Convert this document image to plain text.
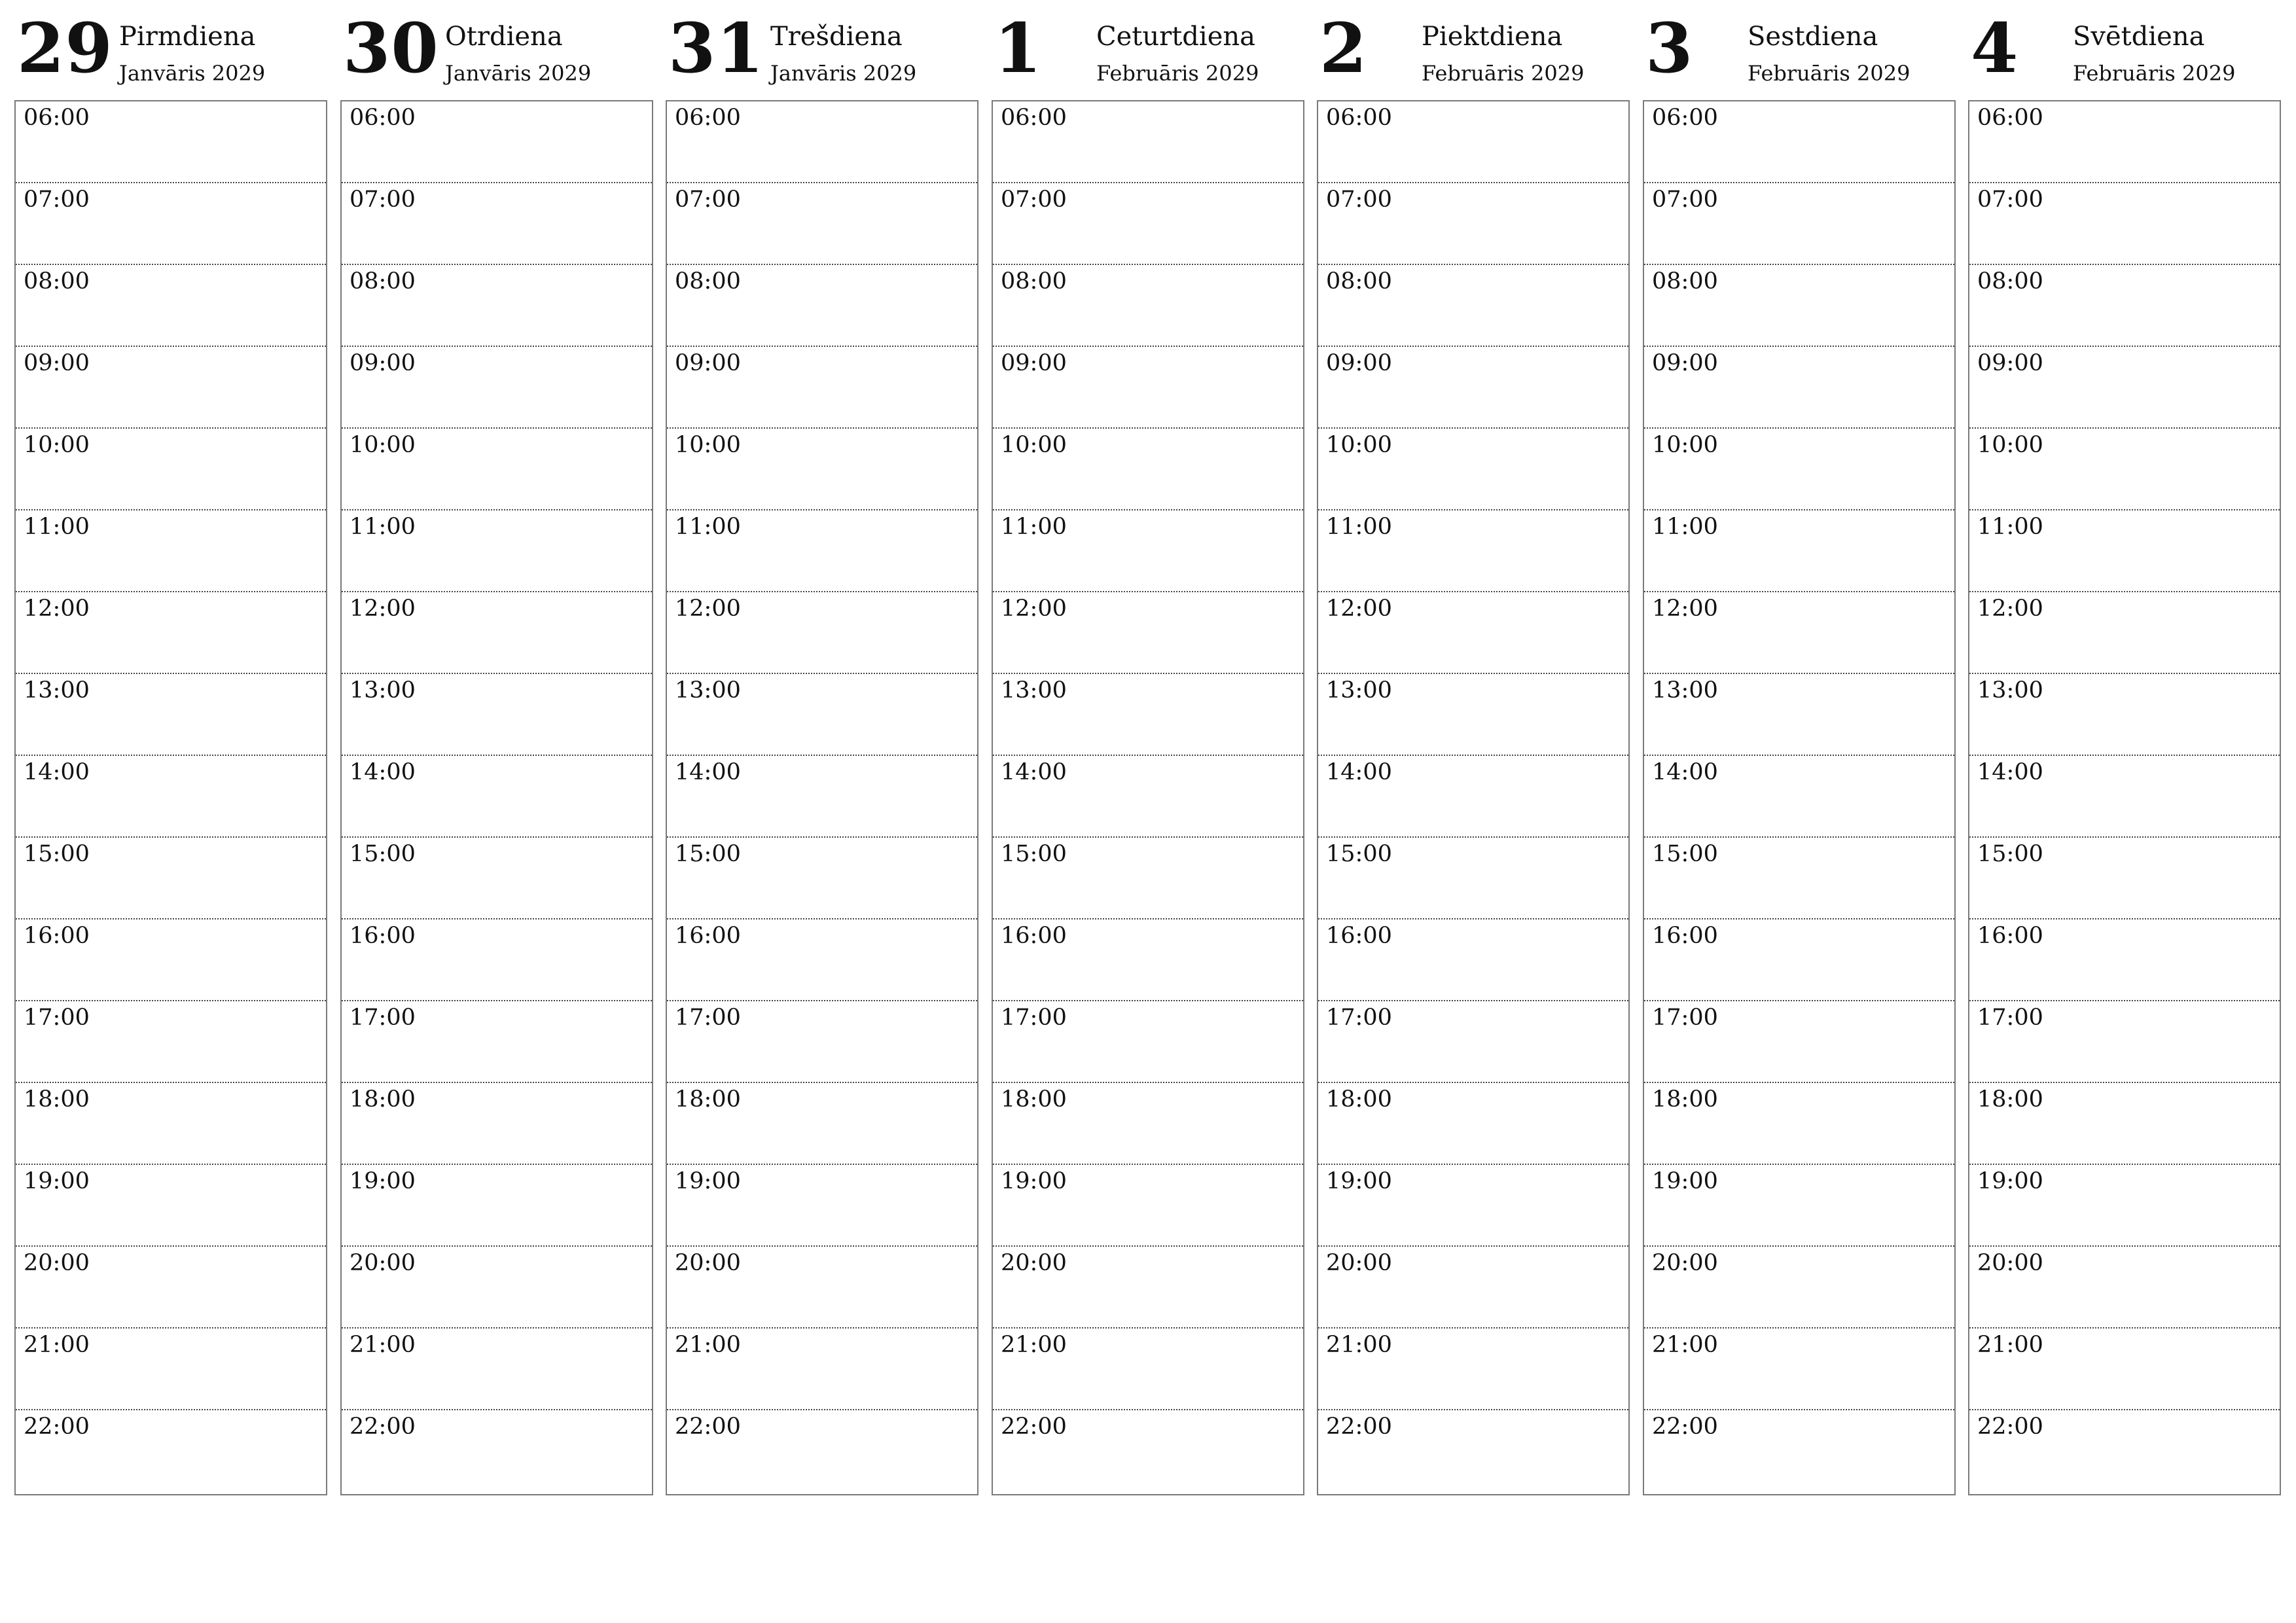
29 Pirmdiena
Janvāris 2029
06:00
07:00
08:00
09:00
10:00
11:00
12:00
13:00
14:00
15:00
16:00
17:00
18:00
19:00
20:00
21:00
22:00
30 Otrdiena
Janvāris 2029
06:00
07:00
08:00
09:00
10:00
11:00
12:00
13:00
14:00
15:00
16:00
17:00
18:00
19:00
20:00
21:00
22:00
31 Trešdiena
Janvāris 2029
06:00
07:00
08:00
09:00
10:00
11:00
12:00
13:00
14:00
15:00
16:00
17:00
18:00
19:00
20:00
21:00
22:00
1 Ceturtdiena
Februāris 2029
06:00
07:00
08:00
09:00
10:00
11:00
12:00
13:00
14:00
15:00
16:00
17:00
18:00
19:00
20:00
21:00
22:00
2 Piektdiena
Februāris 2029
06:00
07:00
08:00
09:00
10:00
11:00
12:00
13:00
14:00
15:00
16:00
17:00
18:00
19:00
20:00
21:00
22:00
3 Sestdiena
Februāris 2029
06:00
07:00
08:00
09:00
10:00
11:00
12:00
13:00
14:00
15:00
16:00
17:00
18:00
19:00
20:00
21:00
22:00
4 Svētdiena
Februāris 2029
06:00
07:00
08:00
09:00
10:00
11:00
12:00
13:00
14:00
15:00
16:00
17:00
18:00
19:00
20:00
21:00
22:00
